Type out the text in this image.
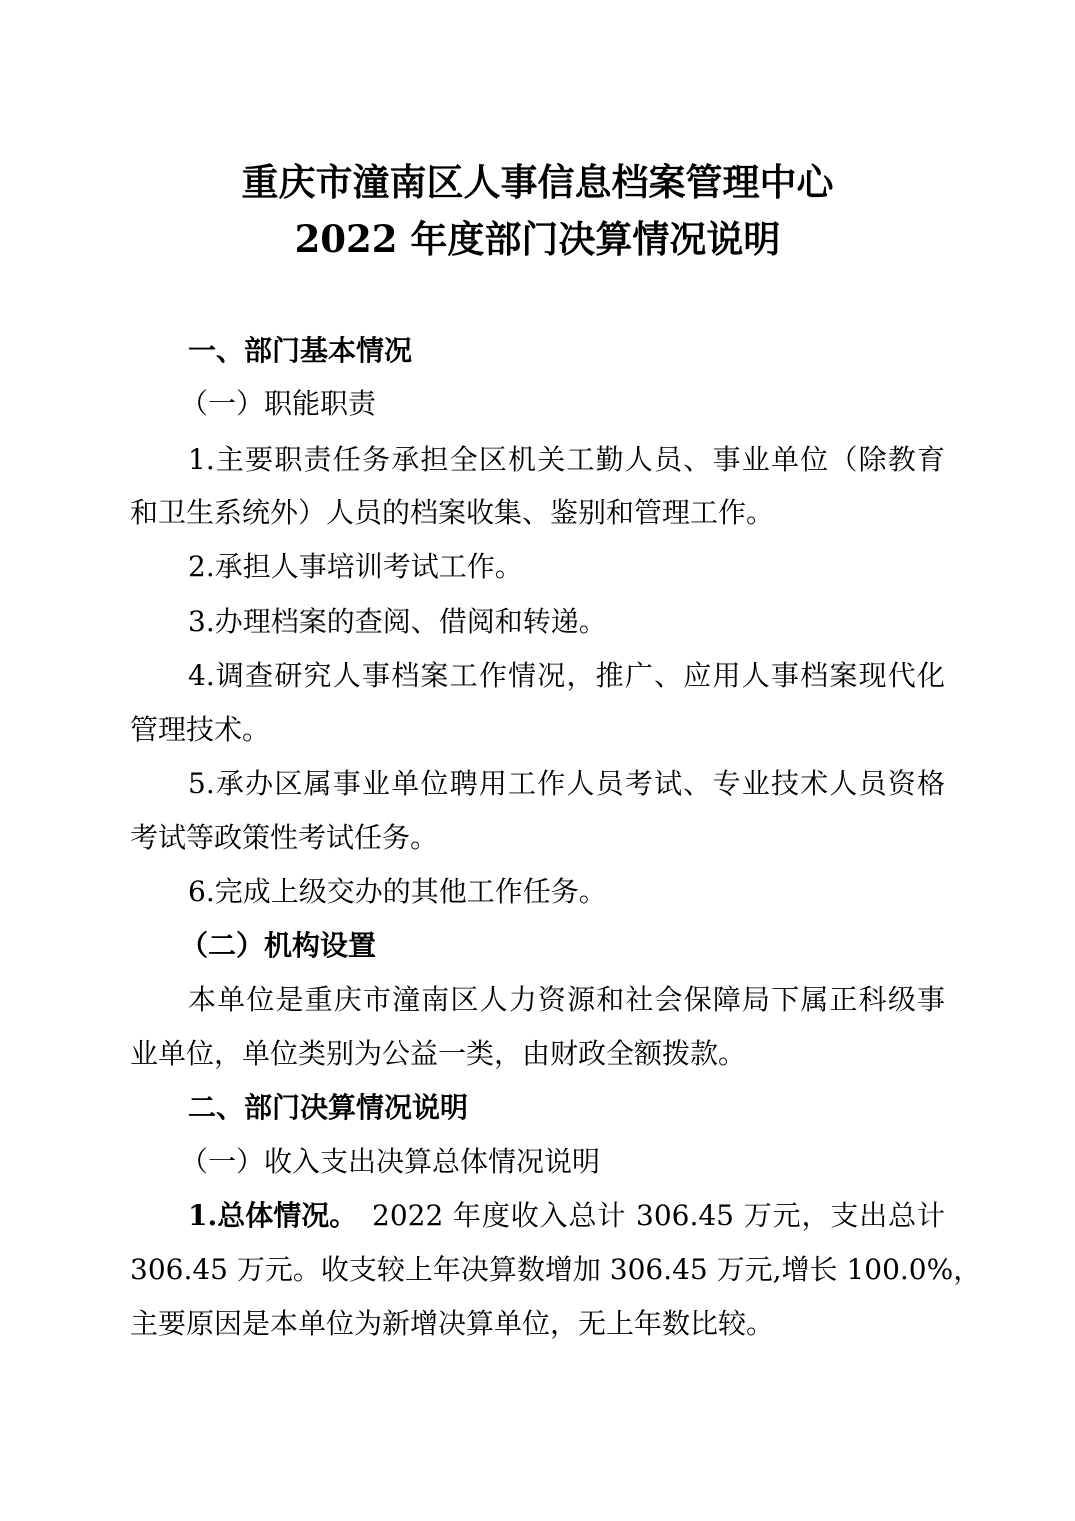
重庆市潼南区人事信息档案管理中心
2022 年度部门决算情况说明
一、部门基本情况
（一）职能职责
1.主要职责任务承担全区机关工勤人员、事业单位（除教育
和卫生系统外）人员的档案收集、鉴别和管理工作。
2.承担人事培训考试工作。
3.办理档案的查阅、借阅和转递。
4.调查研究人事档案工作情况，推广、应用人事档案现代化
管理技术。
5.承办区属事业单位聘用工作人员考试、专业技术人员资格
考试等政策性考试任务。
6.完成上级交办的其他工作任务。
（二）机构设置
本单位是重庆市潼南区人力资源和社会保障局下属正科级事
业单位，单位类别为公益一类，由财政全额拨款。
二、部门决算情况说明
（一）收入支出决算总体情况说明
1.总体情况。 2022 年度收入总计 306.45 万元，支出总计
306.45 万元。收支较上年决算数增加 306.45 万元,增长 100.0%，
主要原因是本单位为新增决算单位，无上年数比较。
